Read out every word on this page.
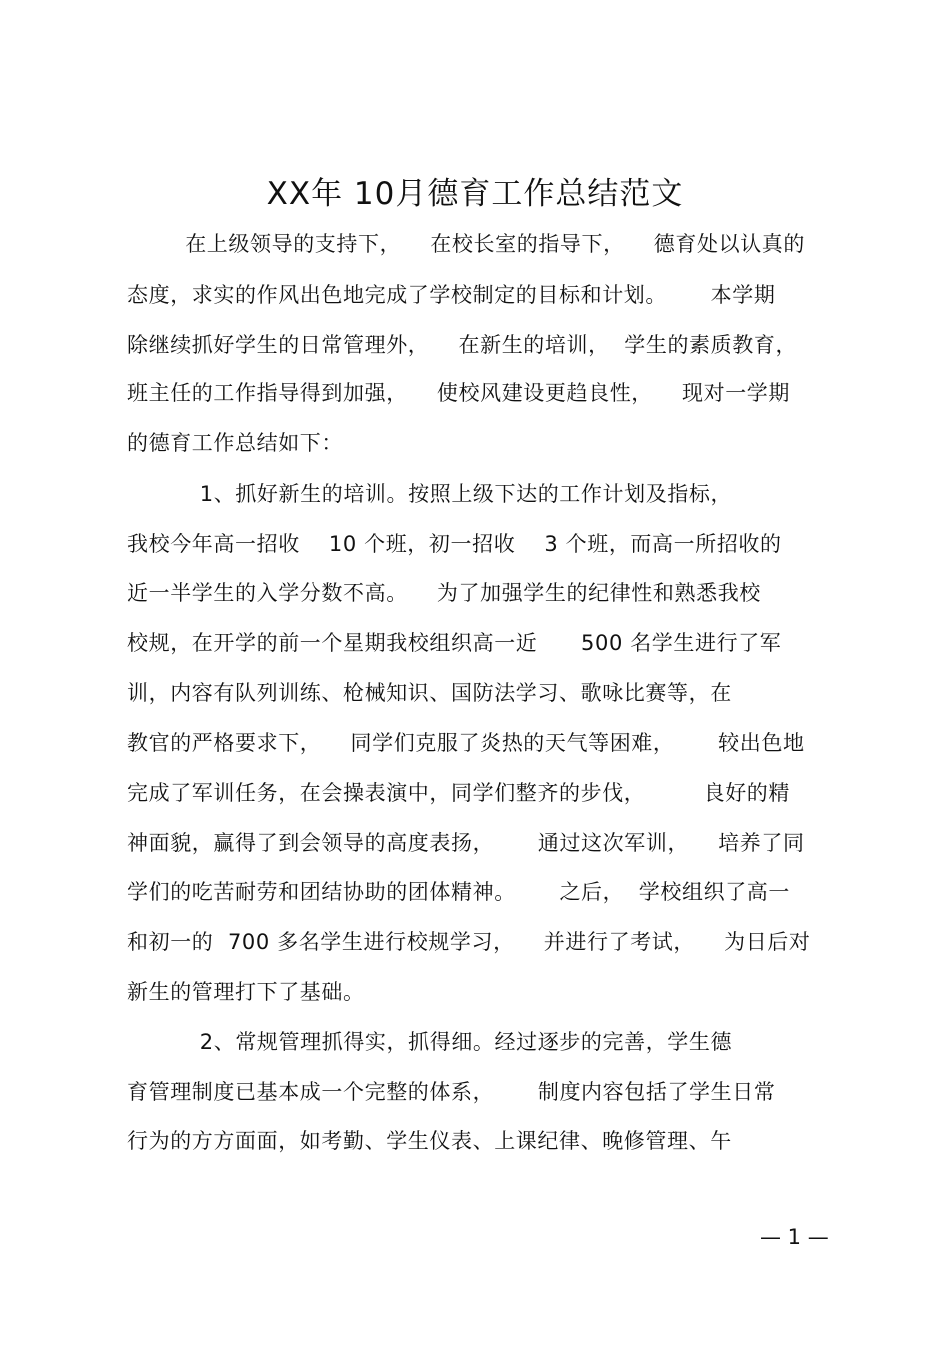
XX年 10月德育工作总结范文
在上级领导的支持下，    在校长室的指导下，    德育处以认真的
态度，求实的作风出色地完成了学校制定的目标和计划。      本学期
除继续抓好学生的日常管理外，    在新生的培训，  学生的素质教育，
班主任的工作指导得到加强，    使校风建设更趋良性，    现对一学期
的德育工作总结如下：
1、抓好新生的培训。按照上级下达的工作计划及指标，
我校今年高一招收    10 个班，初一招收    3 个班，而高一所招收的
近一半学生的入学分数不高。    为了加强学生的纪律性和熟悉我校
校规，在开学的前一个星期我校组织高一近      500 名学生进行了军
训，内容有队列训练、枪械知识、国防法学习、歌咏比赛等，在
教官的严格要求下，    同学们克服了炎热的天气等困难，      较出色地
完成了军训任务，在会操表演中，同学们整齐的步伐，        良好的精
神面貌，赢得了到会领导的高度表扬，      通过这次军训，    培养了同
学们的吃苦耐劳和团结协助的团体精神。      之后，  学校组织了高一
和初一的  700 多名学生进行校规学习，    并进行了考试，    为日后对
新生的管理打下了基础。
2、常规管理抓得实，抓得细。经过逐步的完善，学生德
育管理制度已基本成一个完整的体系，      制度内容包括了学生日常
行为的方方面面，如考勤、学生仪表、上课纪律、晚修管理、午
— 1 —
